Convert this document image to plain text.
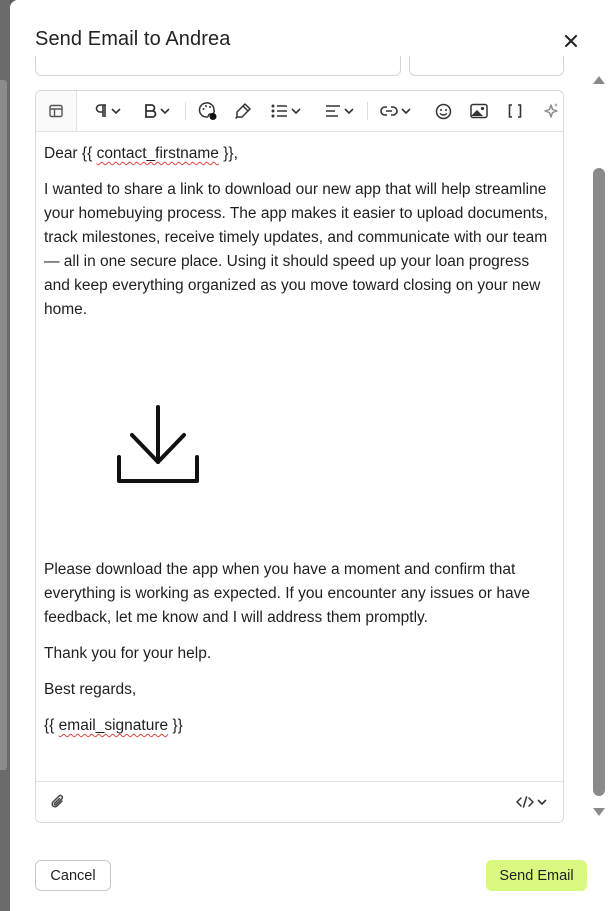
Send Email to Andrea

Dear {{ contact_firstname }},

I wanted to share a link to download our new app that will help streamline your homebuying process. The app makes it easier to upload documents, track milestones, receive timely updates, and communicate with our team — all in one secure place. Using it should speed up your loan progress and keep everything organized as you move toward closing on your new home.

Please download the app when you have a moment and confirm that everything is working as expected. If you encounter any issues or have feedback, let me know and I will address them promptly.

Thank you for your help.

Best regards,

{{ email_signature }}

Cancel	Send Email
